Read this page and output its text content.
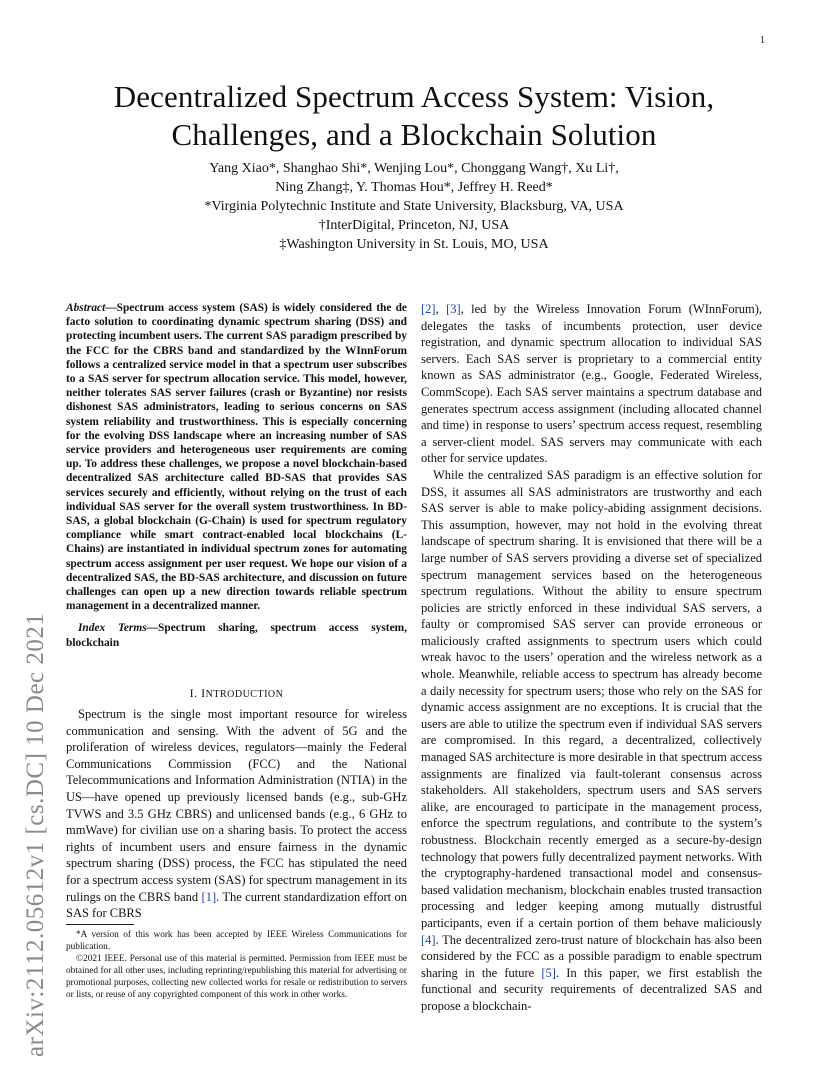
1
arXiv:2112.05612v1 [cs.DC] 10 Dec 2021
Decentralized Spectrum Access System: Vision,
Challenges, and a Blockchain Solution
Yang Xiao*, Shanghao Shi*, Wenjing Lou*, Chonggang Wang†, Xu Li†,
Ning Zhang‡, Y. Thomas Hou*, Jeffrey H. Reed*
*Virginia Polytechnic Institute and State University, Blacksburg, VA, USA
†InterDigital, Princeton, NJ, USA
‡Washington University in St. Louis, MO, USA

Abstract—Spectrum access system (SAS) is widely considered the de facto solution to coordinating dynamic spectrum sharing (DSS) and protecting incumbent users. The current SAS paradigm prescribed by the FCC for the CBRS band and standardized by the WInnForum follows a centralized service model in that a spectrum user subscribes to a SAS server for spectrum allocation service. This model, however, neither tolerates SAS server failures (crash or Byzantine) nor resists dishonest SAS administrators, leading to serious concerns on SAS system reliability and trustworthiness. This is especially concerning for the evolving DSS landscape where an increasing number of SAS service providers and heterogeneous user requirements are coming up. To address these challenges, we propose a novel blockchain-based decentralized SAS architecture called BD-SAS that provides SAS services securely and efficiently, without relying on the trust of each individual SAS server for the overall system trustworthiness. In BD-SAS, a global blockchain (G-Chain) is used for spectrum regulatory compliance while smart contract-enabled local blockchains (L-Chains) are instantiated in individual spectrum zones for automating spectrum access assignment per user request. We hope our vision of a decentralized SAS, the BD-SAS architecture, and discussion on future challenges can open up a new direction towards reliable spectrum management in a decentralized manner.

Index Terms—Spectrum sharing, spectrum access system, blockchain

I. INTRODUCTION

Spectrum is the single most important resource for wireless communication and sensing. With the advent of 5G and the proliferation of wireless devices, regulators—mainly the Federal Communications Commission (FCC) and the National Telecommunications and Information Administration (NTIA) in the US—have opened up previously licensed bands (e.g., sub-GHz TVWS and 3.5 GHz CBRS) and unlicensed bands (e.g., 6 GHz to mmWave) for civilian use on a sharing basis. To protect the access rights of incumbent users and ensure fairness in the dynamic spectrum sharing (DSS) process, the FCC has stipulated the need for a spectrum access system (SAS) for spectrum management in its rulings on the CBRS band [1]. The current standardization effort on SAS for CBRS

*A version of this work has been accepted by IEEE Wireless Communications for publication.

©2021 IEEE. Personal use of this material is permitted. Permission from IEEE must be obtained for all other uses, including reprinting/republishing this material for advertising or promotional purposes, collecting new collected works for resale or redistribution to servers or lists, or reuse of any copyrighted component of this work in other works.

[2], [3], led by the Wireless Innovation Forum (WInnForum), delegates the tasks of incumbents protection, user device registration, and dynamic spectrum allocation to individual SAS servers. Each SAS server is proprietary to a commercial entity known as SAS administrator (e.g., Google, Federated Wireless, CommScope). Each SAS server maintains a spectrum database and generates spectrum access assignment (including allocated channel and time) in response to users’ spectrum access request, resembling a server-client model. SAS servers may communicate with each other for service updates.

While the centralized SAS paradigm is an effective solution for DSS, it assumes all SAS administrators are trustworthy and each SAS server is able to make policy-abiding assignment decisions. This assumption, however, may not hold in the evolving threat landscape of spectrum sharing. It is envisioned that there will be a large number of SAS servers providing a diverse set of specialized spectrum management services based on the heterogeneous spectrum regulations. Without the ability to ensure spectrum policies are strictly enforced in these individual SAS servers, a faulty or compromised SAS server can provide erroneous or maliciously crafted assignments to spectrum users which could wreak havoc to the users’ operation and the wireless network as a whole. Meanwhile, reliable access to spectrum has already become a daily necessity for spectrum users; those who rely on the SAS for dynamic access assignment are no exceptions. It is crucial that the users are able to utilize the spectrum even if individual SAS servers are compromised. In this regard, a decentralized, collectively managed SAS architecture is more desirable in that spectrum access assignments are finalized via fault-tolerant consensus across stakeholders. All stakeholders, spectrum users and SAS servers alike, are encouraged to participate in the management process, enforce the spectrum regulations, and contribute to the system’s robustness. Blockchain recently emerged as a secure-by-design technology that powers fully decentralized payment networks. With the cryptography-hardened transactional model and consensus-based validation mechanism, blockchain enables trusted transaction processing and ledger keeping among mutually distrustful participants, even if a certain portion of them behave maliciously [4]. The decentralized zero-trust nature of blockchain has also been considered by the FCC as a possible paradigm to enable spectrum sharing in the future [5]. In this paper, we first establish the functional and security requirements of decentralized SAS and propose a blockchain-
